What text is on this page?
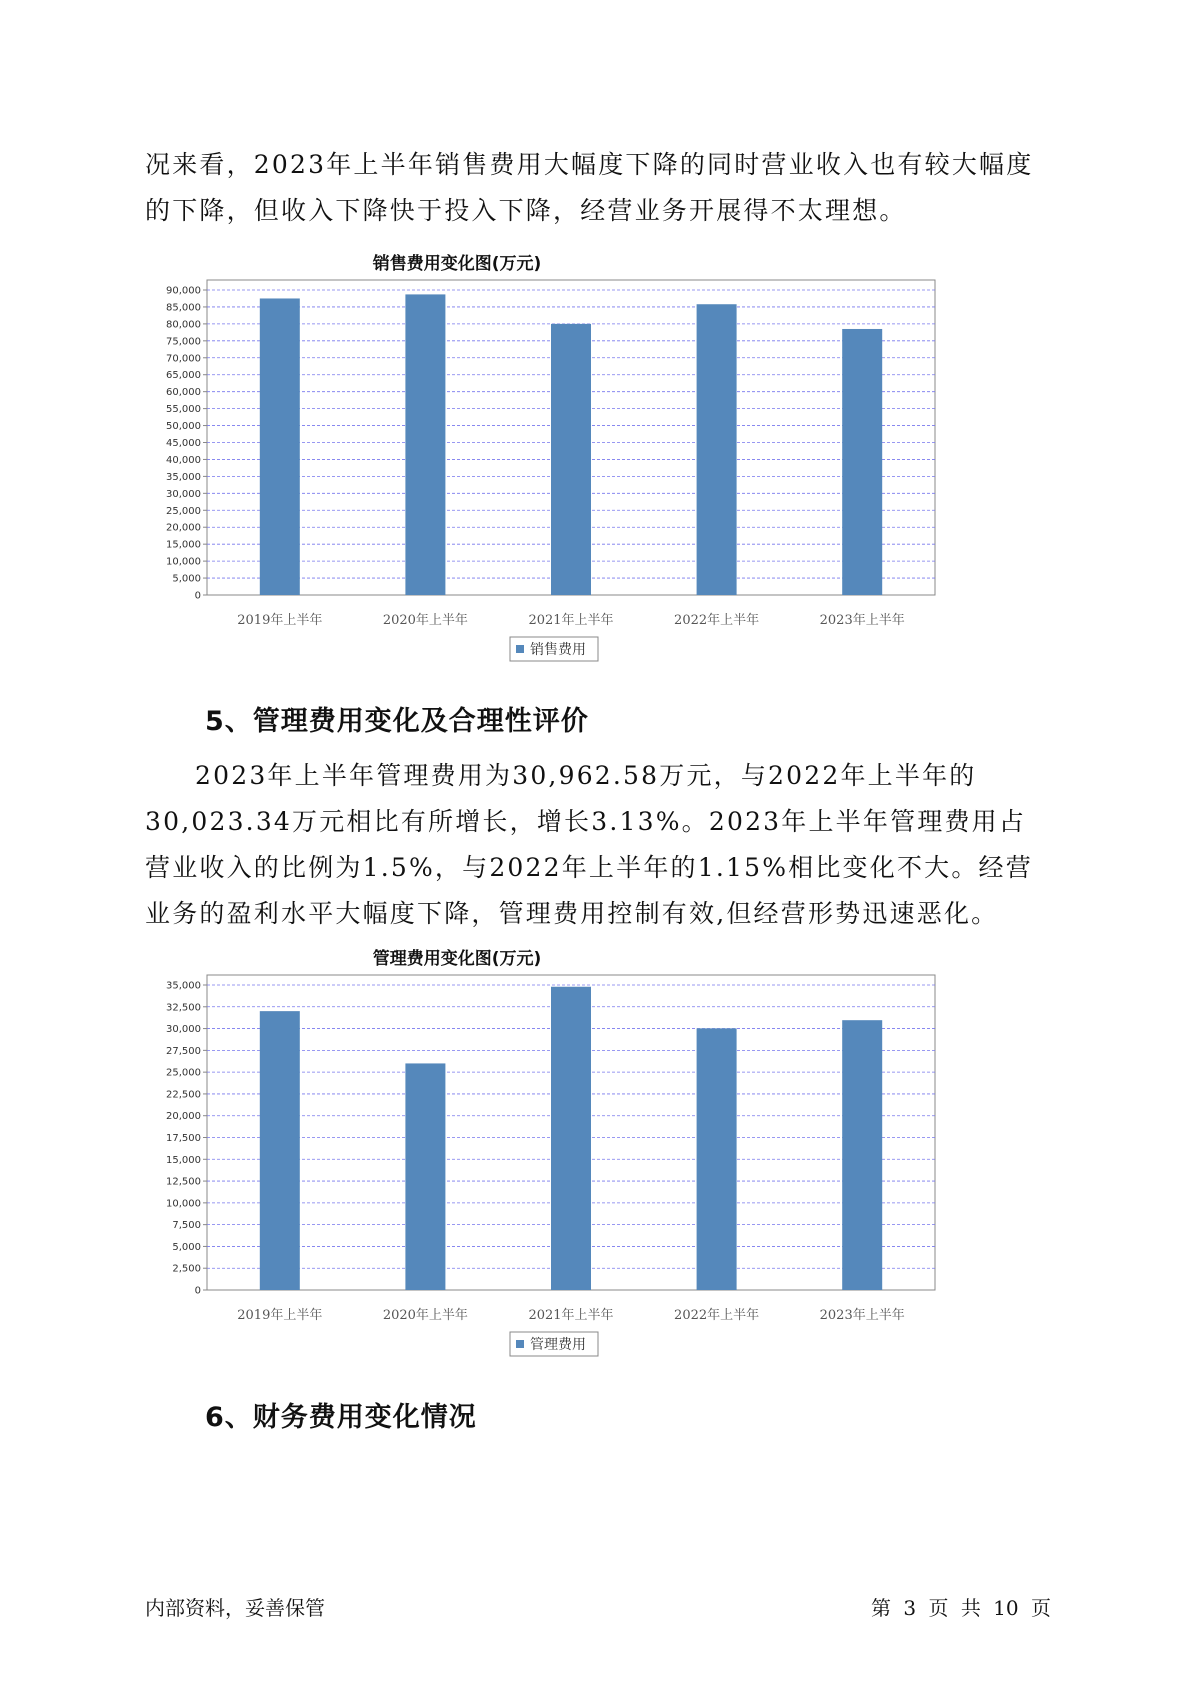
况来看，2023年上半年销售费用大幅度下降的同时营业收入也有较大幅度的下降，但收入下降快于投入下降，经营业务开展得不太理想。

销售费用变化图(万元)
0
5,000
10,000
15,000
20,000
25,000
30,000
35,000
40,000
45,000
50,000
55,000
60,000
65,000
70,000
75,000
80,000
85,000
90,000
2019年上半年	2020年上半年	2021年上半年	2022年上半年	2023年上半年
销售费用
5、管理费用变化及合理性评价

2023年上半年管理费用为30,962.58万元，与2022年上半年的30,023.34万元相比有所增长，增长3.13%。2023年上半年管理费用占营业收入的比例为1.5%，与2022年上半年的1.15%相比变化不大。经营业务的盈利水平大幅度下降，管理费用控制有效,但经营形势迅速恶化。

管理费用变化图(万元)
0
2,500
5,000
7,500
10,000
12,500
15,000
17,500
20,000
22,500
25,000
27,500
30,000
32,500
35,000
2019年上半年	2020年上半年	2021年上半年	2022年上半年	2023年上半年
管理费用
6、财务费用变化情况
内部资料，妥善保管	第 3 页 共 10 页
